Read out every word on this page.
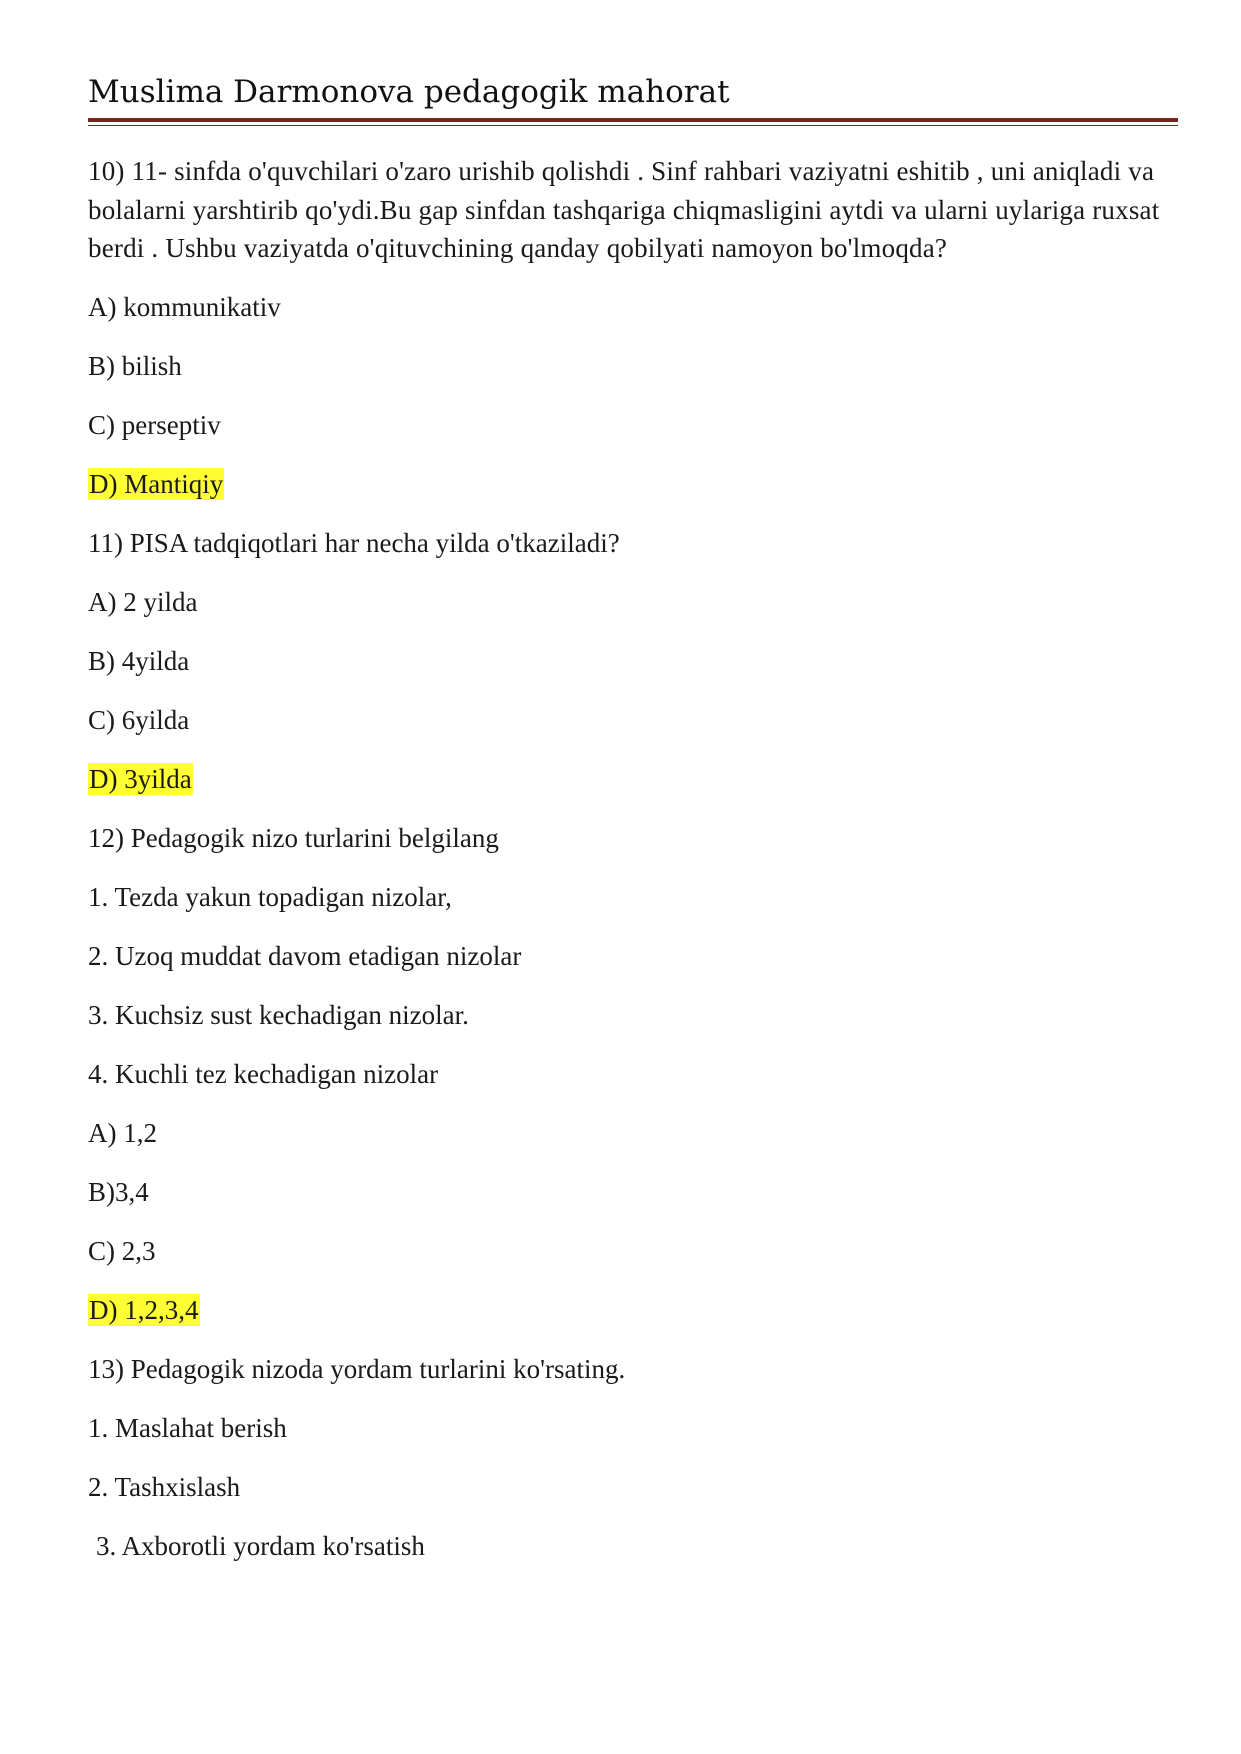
Muslima Darmonova pedagogik mahorat
10) 11- sinfda o'quvchilari o'zaro urishib qolishdi . Sinf rahbari vaziyatni eshitib , uni aniqladi va bolalarni yarshtirib qo'ydi.Bu gap sinfdan tashqariga chiqmasligini aytdi va ularni uylariga ruxsat berdi . Ushbu vaziyatda o'qituvchining qanday qobilyati namoyon bo'lmoqda?
A) kommunikativ
B) bilish
C) perseptiv
D) Mantiqiy
11) PISA tadqiqotlari har necha yilda o'tkaziladi?
A) 2 yilda
B) 4yilda
C) 6yilda
D) 3yilda
12) Pedagogik nizo turlarini belgilang
1. Tezda yakun topadigan nizolar,
2. Uzoq muddat davom etadigan nizolar
3. Kuchsiz sust kechadigan nizolar.
4. Kuchli tez kechadigan nizolar
A) 1,2
B)3,4
C) 2,3
D) 1,2,3,4
13) Pedagogik nizoda yordam turlarini ko'rsating.
1. Maslahat berish
2. Tashxislash
3. Axborotli yordam ko'rsatish
